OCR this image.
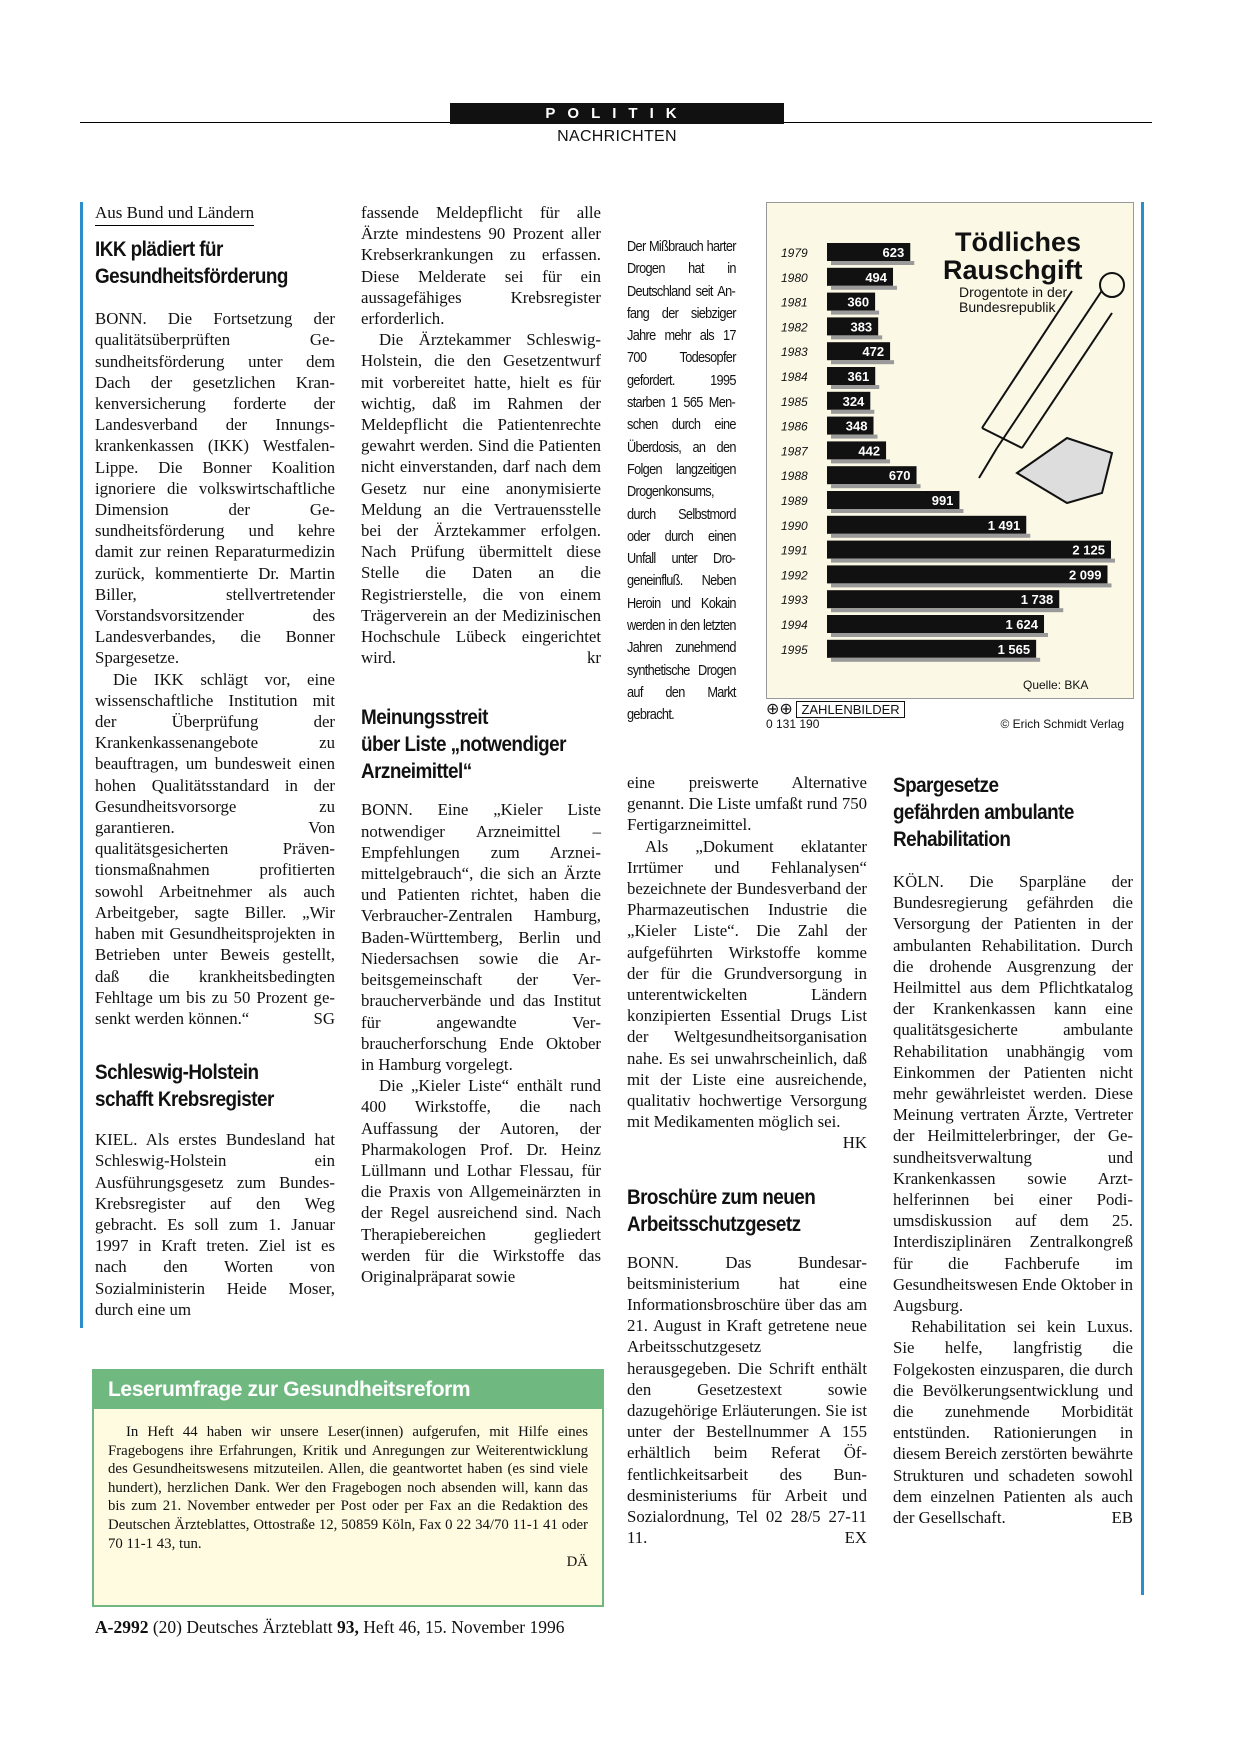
POLITIK
NACHRICHTEN
Aus Bund und Ländern
IKK plädiert für
Gesundheitsförderung

BONN. Die Fortsetzung der qualitätsüberprüften Gesundheitsförderung unter dem Dach der gesetzlichen Krankenversicherung forderte der Landesverband der Innungskrankenkassen (IKK) Westfalen-Lippe. Die Bonner Koalition ignoriere die volkswirtschaftliche Dimension der Gesundheitsförderung und kehre damit zur reinen Reparaturmedizin zurück, kommentierte Dr. Martin Biller, stellvertretender Vorstandsvorsitzender des Landesverbandes, die Bonner Spargesetze.

Die IKK schlägt vor, eine wissenschaftliche Institution mit der Überprüfung der Krankenkassenangebote zu beauftragen, um bundesweit einen hohen Qualitätsstandard in der Gesundheitsvorsorge zu garantieren. Von qualitätsgesicherten Präventionsmaßnahmen profitierten sowohl Arbeitnehmer als auch Arbeitgeber, sagte Biller. „Wir haben mit Gesundheitsprojekten in Betrieben unter Beweis gestellt, daß die krankheitsbedingten Fehltage um bis zu 50 Prozent gesenkt werden können.“	SG

Schleswig-Holstein
schafft Krebsregister

KIEL. Als erstes Bundesland hat Schleswig-Holstein ein Ausführungsgesetz zum Bundes-Krebsregister auf den Weg gebracht. Es soll zum 1. Januar 1997 in Kraft treten. Ziel ist es nach den Worten von Sozialministerin Heide Moser, durch eine um

fassende Meldepflicht für alle Ärzte mindestens 90 Prozent aller Krebserkrankungen zu erfassen. Diese Melderate sei für ein aussagefähiges Krebsregister erforderlich.

Die Ärztekammer Schleswig-Holstein, die den Gesetzentwurf mit vorbereitet hatte, hielt es für wichtig, daß im Rahmen der Meldepflicht die Patientenrechte gewahrt werden. Sind die Patienten nicht einverstanden, darf nach dem Gesetz nur eine anonymisierte Meldung an die Vertrauensstelle bei der Ärztekammer erfolgen. Nach Prüfung übermittelt diese Stelle die Daten an die Registrierstelle, die von einem Trägerverein an der Medizinischen Hochschule Lübeck eingerichtet wird.	kr

Meinungsstreit
über Liste „notwendiger
Arzneimittel“

BONN. Eine „Kieler Liste notwendiger Arzneimittel – Empfehlungen zum Arzneimittelgebrauch“, die sich an Ärzte und Patienten richtet, haben die Verbraucher-Zentralen Hamburg, Baden-Württemberg, Berlin und Niedersachsen sowie die Arbeitsgemeinschaft der Verbraucherverbände und das Institut für angewandte Verbraucherforschung Ende Oktober in Hamburg vorgelegt.

Die „Kieler Liste“ enthält rund 400 Wirkstoffe, die nach Auffassung der Autoren, der Pharmakologen Prof. Dr. Heinz Lüllmann und Lothar Flessau, für die Praxis von Allgemeinärzten in der Regel ausreichend sind. Nach Therapiebereichen gegliedert werden für die Wirkstoffe das Originalpräparat sowie

Der Mißbrauch harter Drogen hat in Deutschland seit Anfang der siebziger Jahre mehr als 17 700 Todesopfer gefordert. 1995 starben 1 565 Menschen durch eine Überdosis, an den Folgen langzeitigen Drogenkonsums, durch Selbstmord oder durch einen Unfall unter Drogeneinfluß. Neben Heroin und Kokain werden in den letzten Jahren zunehmend synthetische Drogen auf den Markt gebracht.
1979	623
1980	494
1981	360
1982	383
1983	472
1984	361
1985	324
1986	348
1987	442
1988	670
1989	991
1990	1 491
1991	2 125
1992	2 099
1993	1 738
1994	1 624
1995	1 565
Tödliches
Rauschgift
Drogentote in der Bundesrepublik
Quelle: BKA
⊕⊕ ZAHLENBILDER
0 131 190	© Erich Schmidt Verlag

eine preiswerte Alternative genannt. Die Liste umfaßt rund 750 Fertigarzneimittel.

Als „Dokument eklatanter Irrtümer und Fehlanalysen“ bezeichnete der Bundesverband der Pharmazeutischen Industrie die „Kieler Liste“. Die Zahl der aufgeführten Wirkstoffe komme der für die Grundversorgung in unterentwickelten Ländern konzipierten Essential Drugs List der Weltgesundheitsorganisation nahe. Es sei unwahrscheinlich, daß mit der Liste eine ausreichende, qualitativ hochwertige Versorgung mit Medikamenten möglich sei.
HK

Broschüre zum neuen
Arbeitsschutzgesetz

BONN. Das Bundesarbeitsministerium hat eine Informationsbroschüre über das am 21. August in Kraft getretene neue Arbeitsschutzgesetz herausgegeben. Die Schrift enthält den Gesetzestext sowie dazugehörige Erläuterungen. Sie ist unter der Bestellnummer A 155 erhältlich beim Referat Öffentlichkeitsarbeit des Bundesministeriums für Arbeit und Sozialordnung, Tel 02 28/5 27-11 11.	EX

Spargesetze
gefährden ambulante
Rehabilitation

KÖLN. Die Sparpläne der Bundesregierung gefährden die Versorgung der Patienten in der ambulanten Rehabilitation. Durch die drohende Ausgrenzung der Heilmittel aus dem Pflichtkatalog der Krankenkassen kann eine qualitätsgesicherte ambulante Rehabilitation unabhängig vom Einkommen der Patienten nicht mehr gewährleistet werden. Diese Meinung vertraten Ärzte, Vertreter der Heilmittelerbringer, der Gesundheitsverwaltung und Krankenkassen sowie Arzthelferinnen bei einer Podiumsdiskussion auf dem 25. Interdisziplinären Zentralkongreß für die Fachberufe im Gesundheitswesen Ende Oktober in Augsburg.

Rehabilitation sei kein Luxus. Sie helfe, langfristig die Folgekosten einzusparen, die durch die Bevölkerungsentwicklung und die zunehmende Morbidität entstünden. Rationierungen in diesem Bereich zerstörten bewährte Strukturen und schadeten sowohl dem einzelnen Patienten als auch der Gesellschaft.	EB

Leserumfrage zur Gesundheitsreform
In Heft 44 haben wir unsere Leser(innen) aufgerufen, mit Hilfe eines Fragebogens ihre Erfahrungen, Kritik und Anregungen zur Weiterentwicklung des Gesundheitswesens mitzuteilen. Allen, die geantwortet haben (es sind viele hundert), herzlichen Dank. Wer den Fragebogen noch absenden will, kann das bis zum 21. November entweder per Post oder per Fax an die Redaktion des Deutschen Ärzteblattes, Ottostraße 12, 50859 Köln, Fax 0 22 34/70 11-1 41 oder 70 11-1 43, tun.
DÄ
A-2992 (20) Deutsches Ärzteblatt 93, Heft 46, 15. November 1996
